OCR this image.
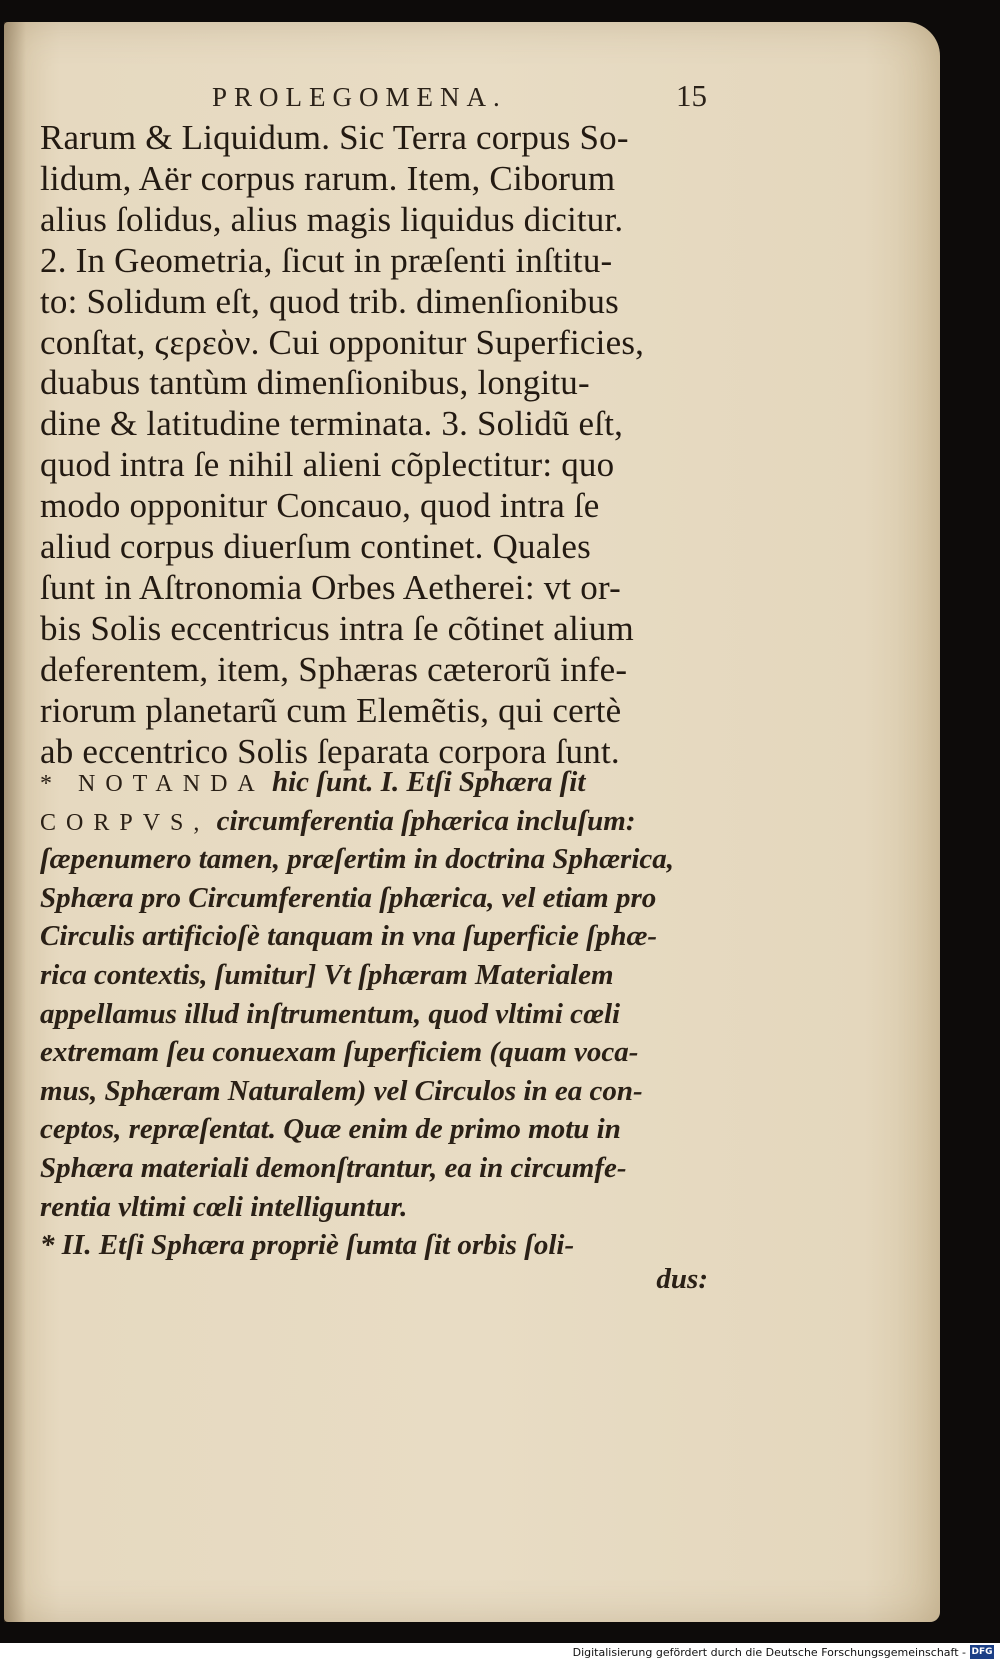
PROLEGOMENA.	15
Rarum & Liquidum. Sic Terra corpus So-
lidum, Aër corpus rarum. Item, Ciborum
alius ſolidus, alius magis liquidus dicitur.
2. In Geometria, ſicut in præſenti inſtitu-
to: Solidum eſt, quod trib. dimenſionibus
conſtat, ϛερεὸν. Cui opponitur Superficies,
duabus tantùm dimenſionibus, longitu-
dine & latitudine terminata. 3. Solidũ eſt,
quod intra ſe nihil alieni cõplectitur: quo
modo opponitur Concauo, quod intra ſe
aliud corpus diuerſum continet. Quales
ſunt in Aſtronomia Orbes Aetherei: vt or-
bis Solis eccentricus intra ſe cõtinet alium
deferentem, item, Sphæras cæterorũ infe-
riorum planetarũ cum Elemẽtis, qui certè
ab eccentrico Solis ſeparata corpora ſunt.
* NOTANDA hic ſunt. I. Etſi Sphæra ſit
CORPVS, circumferentia ſphærica incluſum:
ſæpenumero tamen, præſertim in doctrina Sphærica,
Sphæra pro Circumferentia ſphærica, vel etiam pro
Circulis artificioſè tanquam in vna ſuperficie ſphæ-
rica contextis, ſumitur] Vt ſphæram Materialem
appellamus illud inſtrumentum, quod vltimi cœli
extremam ſeu conuexam ſuperficiem (quam voca-
mus, Sphæram Naturalem) vel Circulos in ea con-
ceptos, repræſentat. Quæ enim de primo motu in
Sphæra materiali demonſtrantur, ea in circumfe-
rentia vltimi cœli intelliguntur.
* II. Etſi Sphæra propriè ſumta ſit orbis ſoli-
dus:
Digitalisierung gefördert durch die Deutsche Forschungsgemeinschaft - DFG
